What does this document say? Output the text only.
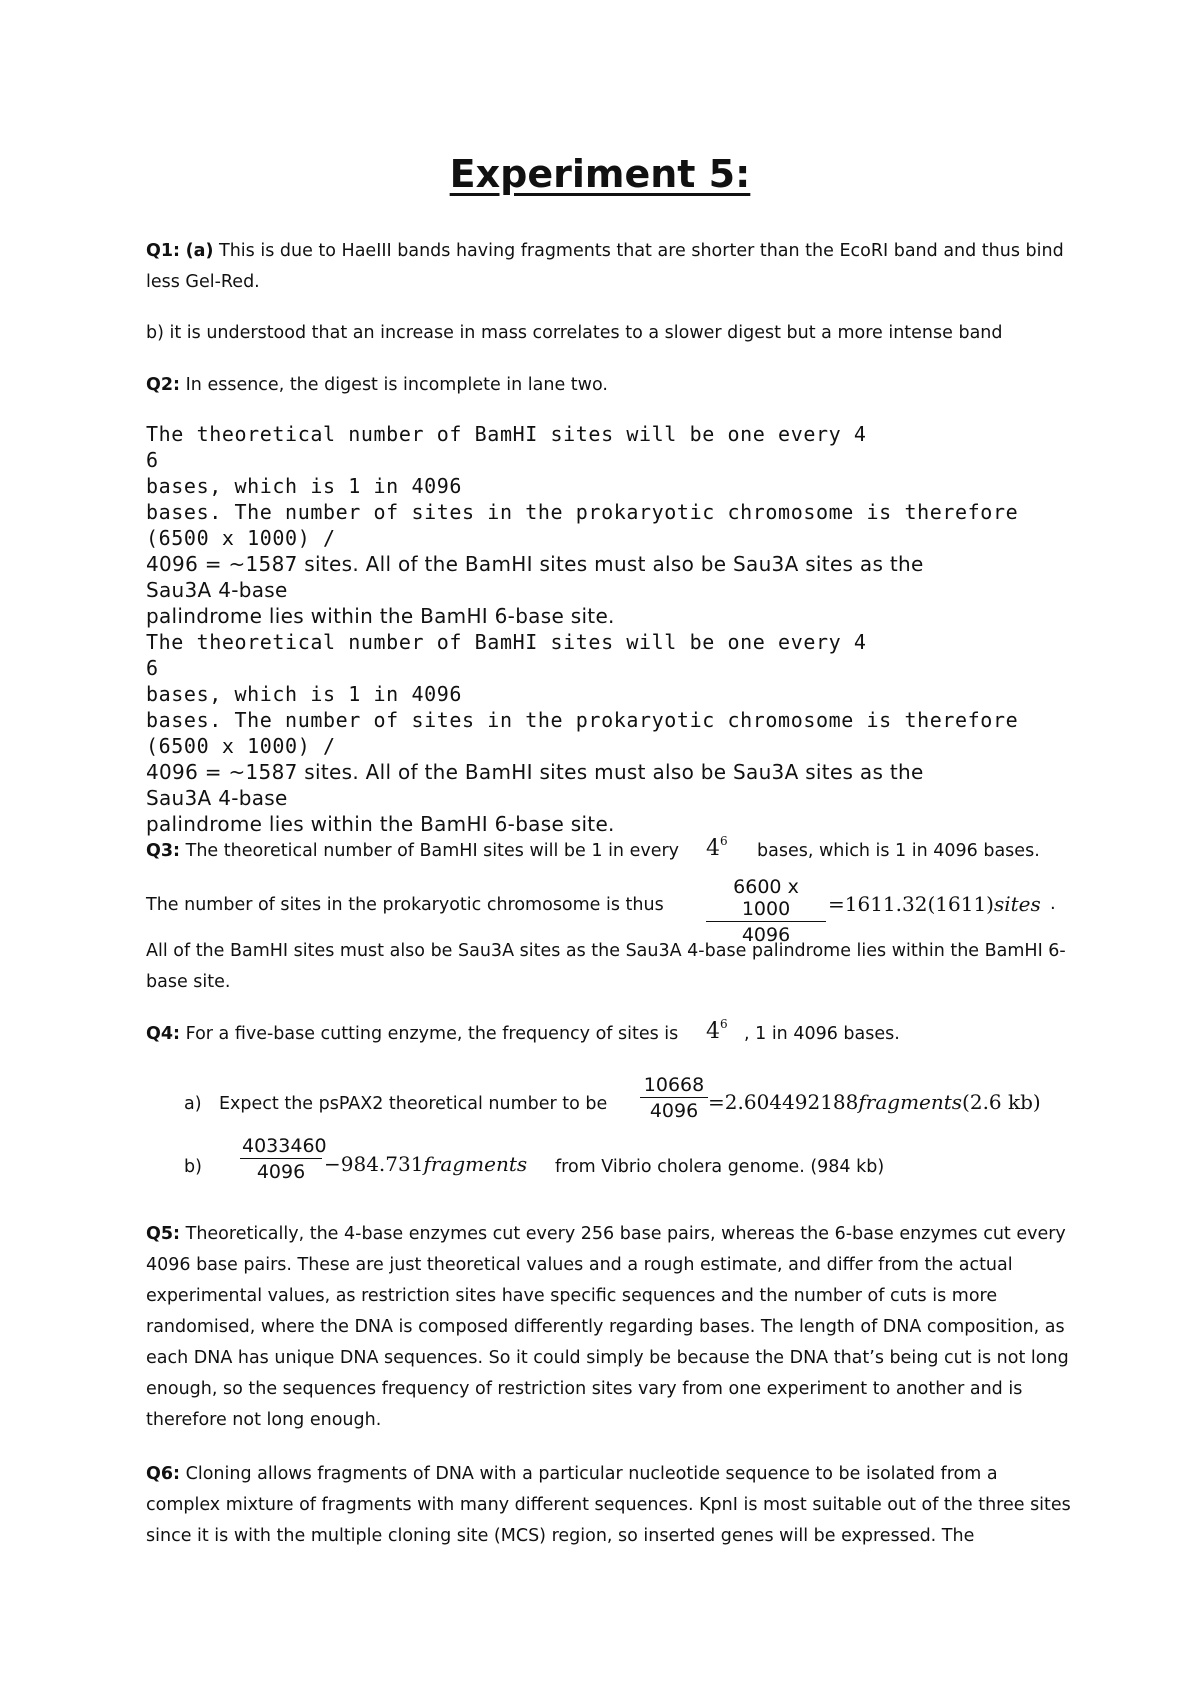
Experiment 5:
Q1: (a) This is due to HaeIII bands having fragments that are shorter than the EcoRI band and thus bind less Gel-Red.
b) it is understood that an increase in mass correlates to a slower digest but a more intense band
Q2: In essence, the digest is incomplete in lane two.
The theoretical number of BamHI sites will be one every 4
6
bases, which is 1 in 4096
bases. The number of sites in the prokaryotic chromosome is therefore
(6500 x 1000) /
4096 = ~1587 sites. All of the BamHI sites must also be Sau3A sites as the
Sau3A 4-base
palindrome lies within the BamHI 6-base site.
The theoretical number of BamHI sites will be one every 4
6
bases, which is 1 in 4096
bases. The number of sites in the prokaryotic chromosome is therefore
(6500 x 1000) /
4096 = ~1587 sites. All of the BamHI sites must also be Sau3A sites as the
Sau3A 4-base
palindrome lies within the BamHI 6-base site.
Q3: The theoretical number of BamHI sites will be 1 in every $4^6$ bases, which is 1 in 4096 bases.
The number of sites in the prokaryotic chromosome is thus $\frac{6600 x 1000}{4096}$ =1611.32(1611)sites .
All of the BamHI sites must also be Sau3A sites as the Sau3A 4-base palindrome lies within the BamHI 6-base site.
Q4: For a five-base cutting enzyme, the frequency of sites is $4^6$ , 1 in 4096 bases.
a) Expect the psPAX2 theoretical number to be $\frac{10668}{4096}$ =2.604492188fragments(2.6 kb)
$b) \frac{4033460}{4096}$ −984.731fragments from Vibrio cholera genome. (984 kb)
Q5: Theoretically, the 4-base enzymes cut every 256 base pairs, whereas the 6-base enzymes cut every 4096 base pairs. These are just theoretical values and a rough estimate, and differ from the actual experimental values, as restriction sites have specific sequences and the number of cuts is more randomised, where the DNA is composed differently regarding bases. The length of DNA composition, as each DNA has unique DNA sequences. So it could simply be because the DNA that’s being cut is not long enough, so the sequences frequency of restriction sites vary from one experiment to another and is therefore not long enough.
Q6: Cloning allows fragments of DNA with a particular nucleotide sequence to be isolated from a complex mixture of fragments with many different sequences. KpnI is most suitable out of the three sites since it is with the multiple cloning site (MCS) region, so inserted genes will be expressed. The
